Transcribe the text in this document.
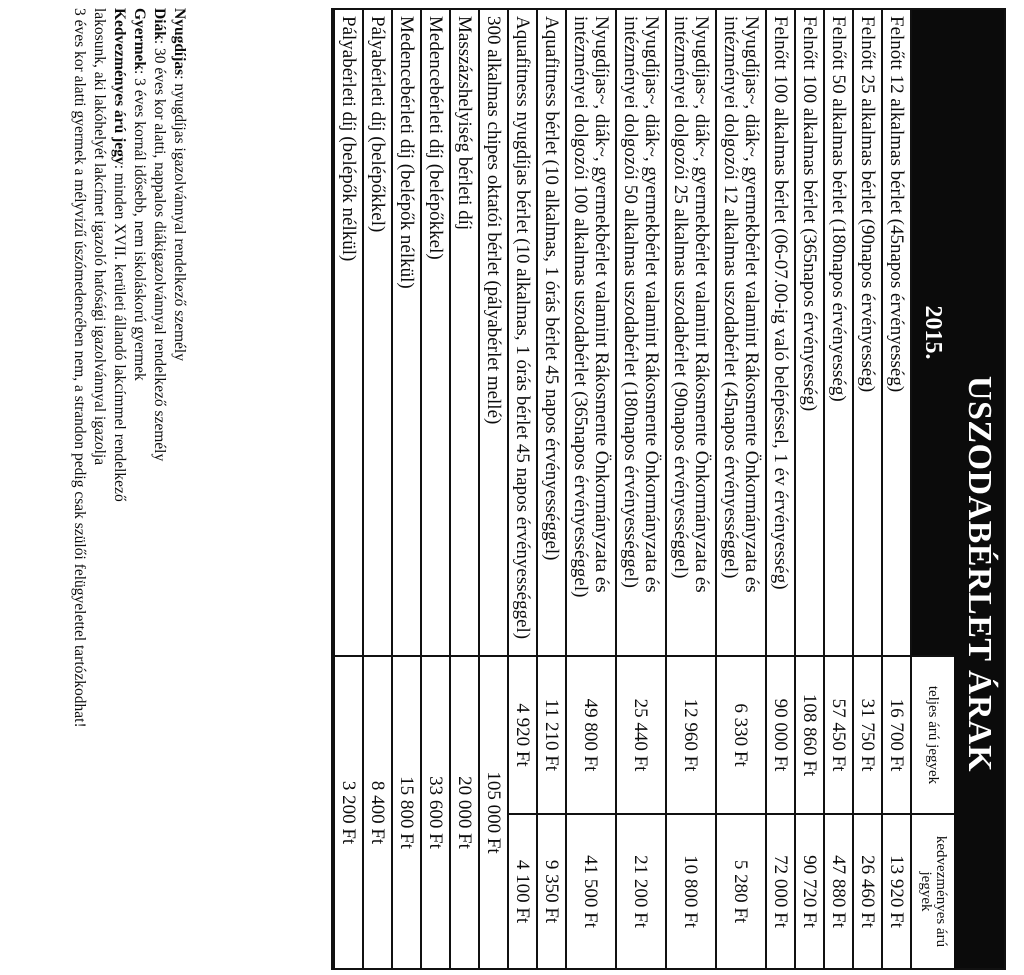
USZODABÉRLET ÁRAK
2015.
teljes árú jegyek
kedvezményes árú jegyek
Felnőtt 12 alkalmas bérlet (45napos érvényesség)
16 700 Ft
13 920 Ft
Felnőtt 25 alkalmas bérlet (90napos érvényesség)
31 750 Ft
26 460 Ft
Felnőtt 50 alkalmas bérlet (180napos érvényesség)
57 450 Ft
47 880 Ft
Felnőtt 100 alkalmas bérlet (365napos érvényesség)
108 860 Ft
90 720 Ft
Felnőtt 100 alkalmas bérlet (06-07.00-ig való belépéssel, 1 év érvényesség)
90 000 Ft
72 000 Ft
Nyugdíjas~, diák~, gyermekbérlet valamint Rákosmente Önkormányzata és intézményei dolgozói 12 alkalmas uszodabérlet (45napos érvényességgel)
6 330 Ft
5 280 Ft
Nyugdíjas~, diák~, gyermekbérlet valamint Rákosmente Önkormányzata és intézményei dolgozói 25 alkalmas uszodabérlet (90napos érvényességgel)
12 960 Ft
10 800 Ft
Nyugdíjas~, diák~, gyermekbérlet valamint Rákosmente Önkormányzata és intézményei dolgozói 50 alkalmas uszodabérlet (180napos érvényességgel)
25 440 Ft
21 200 Ft
Nyugdíjas~, diák~, gyermekbérlet valamint Rákosmente Önkormányzata és intézményei dolgozói 100 alkalmas uszodabérlet (365napos érvényességgel)
49 800 Ft
41 500 Ft
Aquafitness bérlet (10 alkalmas, 1 órás bérlet 45 napos érvényességgel)
11 210 Ft
9 350 Ft
Aquafitness nyugdíjas bérlet (10 alkalmas, 1 órás bérlet 45 napos érvényességgel)
4 920 Ft
4 100 Ft
300 alkalmas chipes oktatói bérlet (pályabérlet mellé)
105 000 Ft
Masszázshelyiség bérleti díj
20 000 Ft
Medencebérleti díj (belépőkkel)
33 600 Ft
Medencebérleti díj (belépők nélkül)
15 800 Ft
Pályabérleti díj (belépőkkel)
8 400 Ft
Pályabérleti díj (belépők nélkül)
3 200 Ft
Nyugdíjas: nyugdíjas igazolvánnyal rendelkező személy
Diák: 30 éves kor alatti, nappalos diákigazolvánnyal rendelkező személy
Gyermek: 3 éves kornál idősebb, nem iskoláskorú gyermek
Kedvezményes árú jegy: minden XVII. kerületi állandó lakcímmel rendelkező
lakosunk, aki lakóhelyét lakcímet igazoló hatósági igazolvánnyal igazolja
3 éves kor alatti gyermek a mélyvizű úszómedencében nem, a strandon pedig csak szülői felügyelettel tartózkodhat!
